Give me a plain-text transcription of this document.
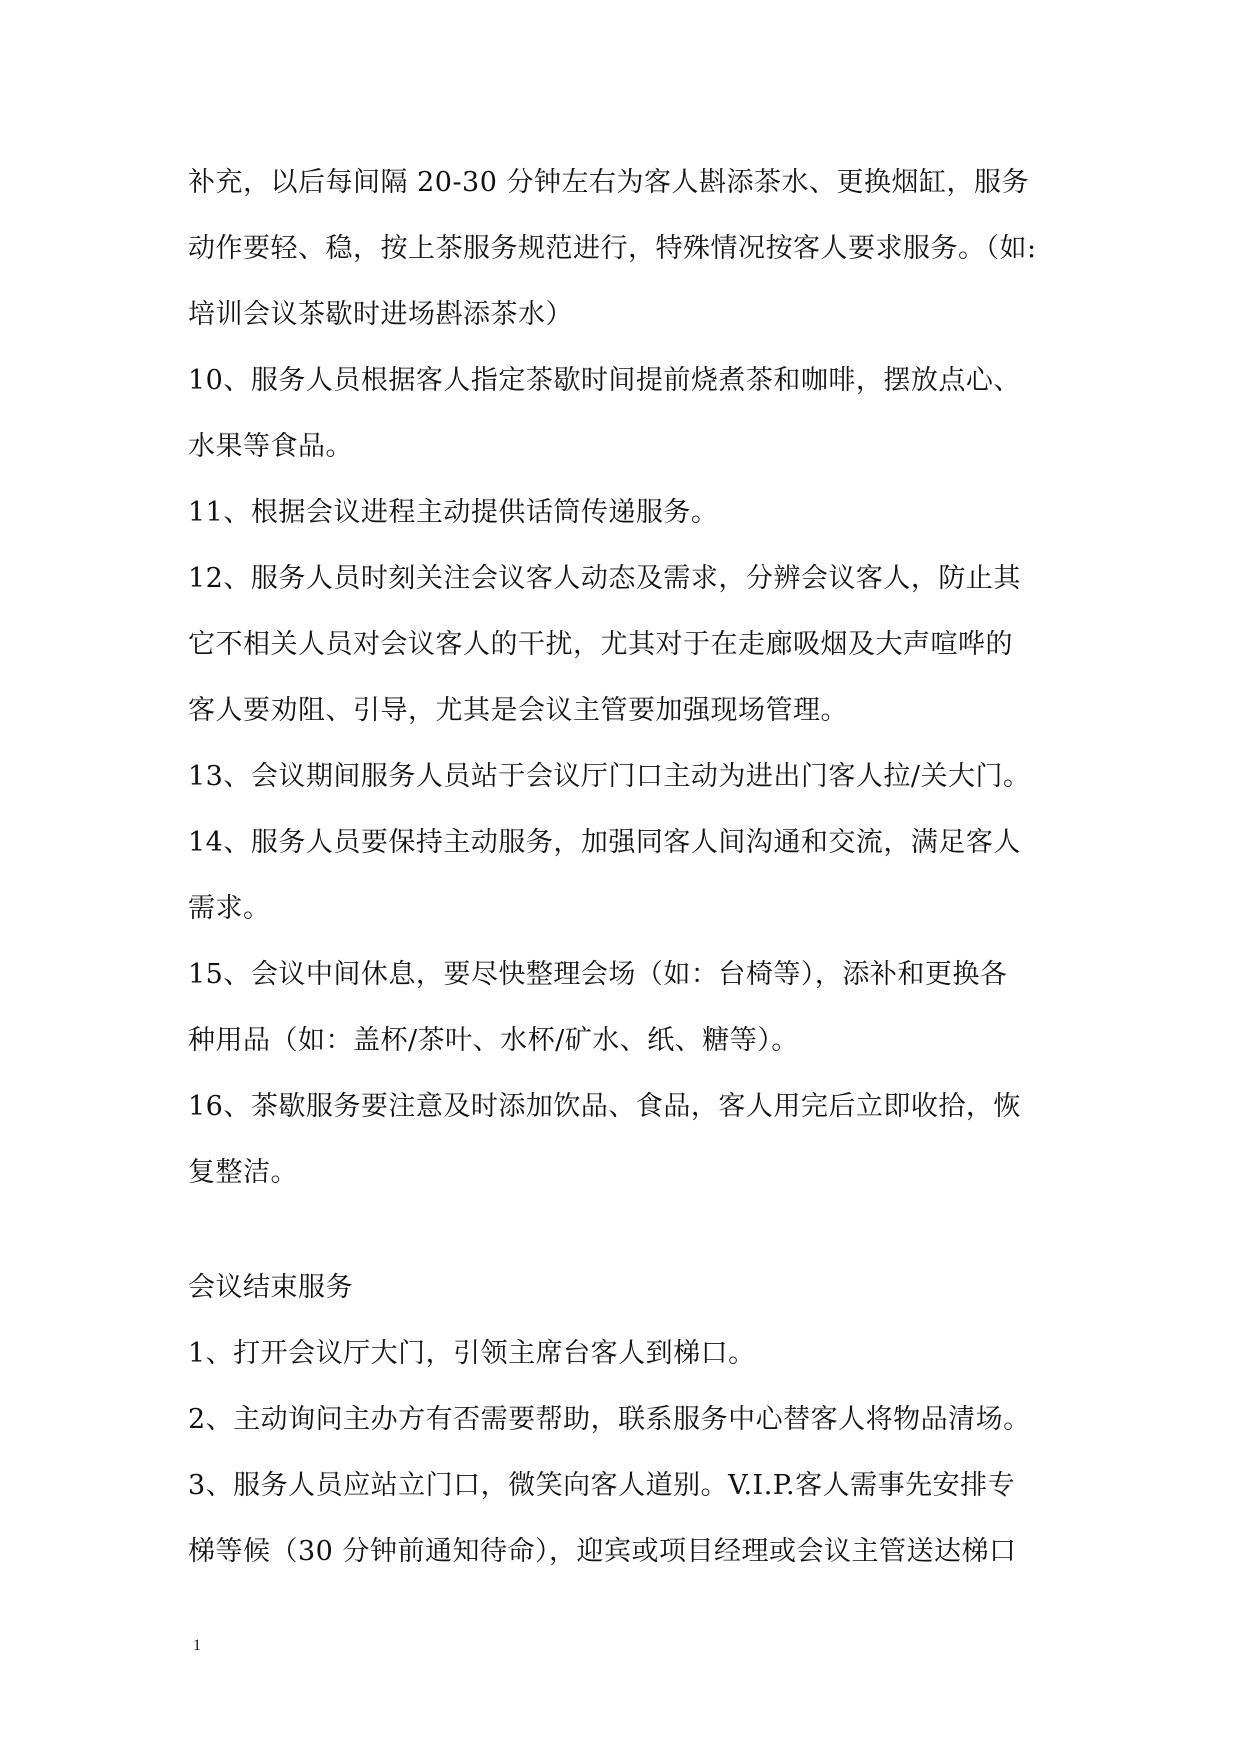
补充，以后每间隔 20-30 分钟左右为客人斟添茶水、更换烟缸，服务
动作要轻、稳，按上茶服务规范进行，特殊情况按客人要求服务。（如:
培训会议茶歇时进场斟添茶水）
10、服务人员根据客人指定茶歇时间提前烧煮茶和咖啡，摆放点心、
水果等食品。
11、根据会议进程主动提供话筒传递服务。
12、服务人员时刻关注会议客人动态及需求，分辨会议客人，防止其
它不相关人员对会议客人的干扰，尤其对于在走廊吸烟及大声喧哗的
客人要劝阻、引导，尤其是会议主管要加强现场管理。
13、会议期间服务人员站于会议厅门口主动为进出门客人拉/关大门。
14、服务人员要保持主动服务，加强同客人间沟通和交流，满足客人
需求。
15、会议中间休息，要尽快整理会场（如：台椅等），添补和更换各
种用品（如：盖杯/茶叶、水杯/矿水、纸、糖等）。
16、茶歇服务要注意及时添加饮品、食品，客人用完后立即收拾，恢
复整洁。
会议结束服务
1、打开会议厅大门，引领主席台客人到梯口。
2、主动询问主办方有否需要帮助，联系服务中心替客人将物品清场。
3、服务人员应站立门口，微笑向客人道别。V.I.P.客人需事先安排专
梯等候（30 分钟前通知待命），迎宾或项目经理或会议主管送达梯口
1
